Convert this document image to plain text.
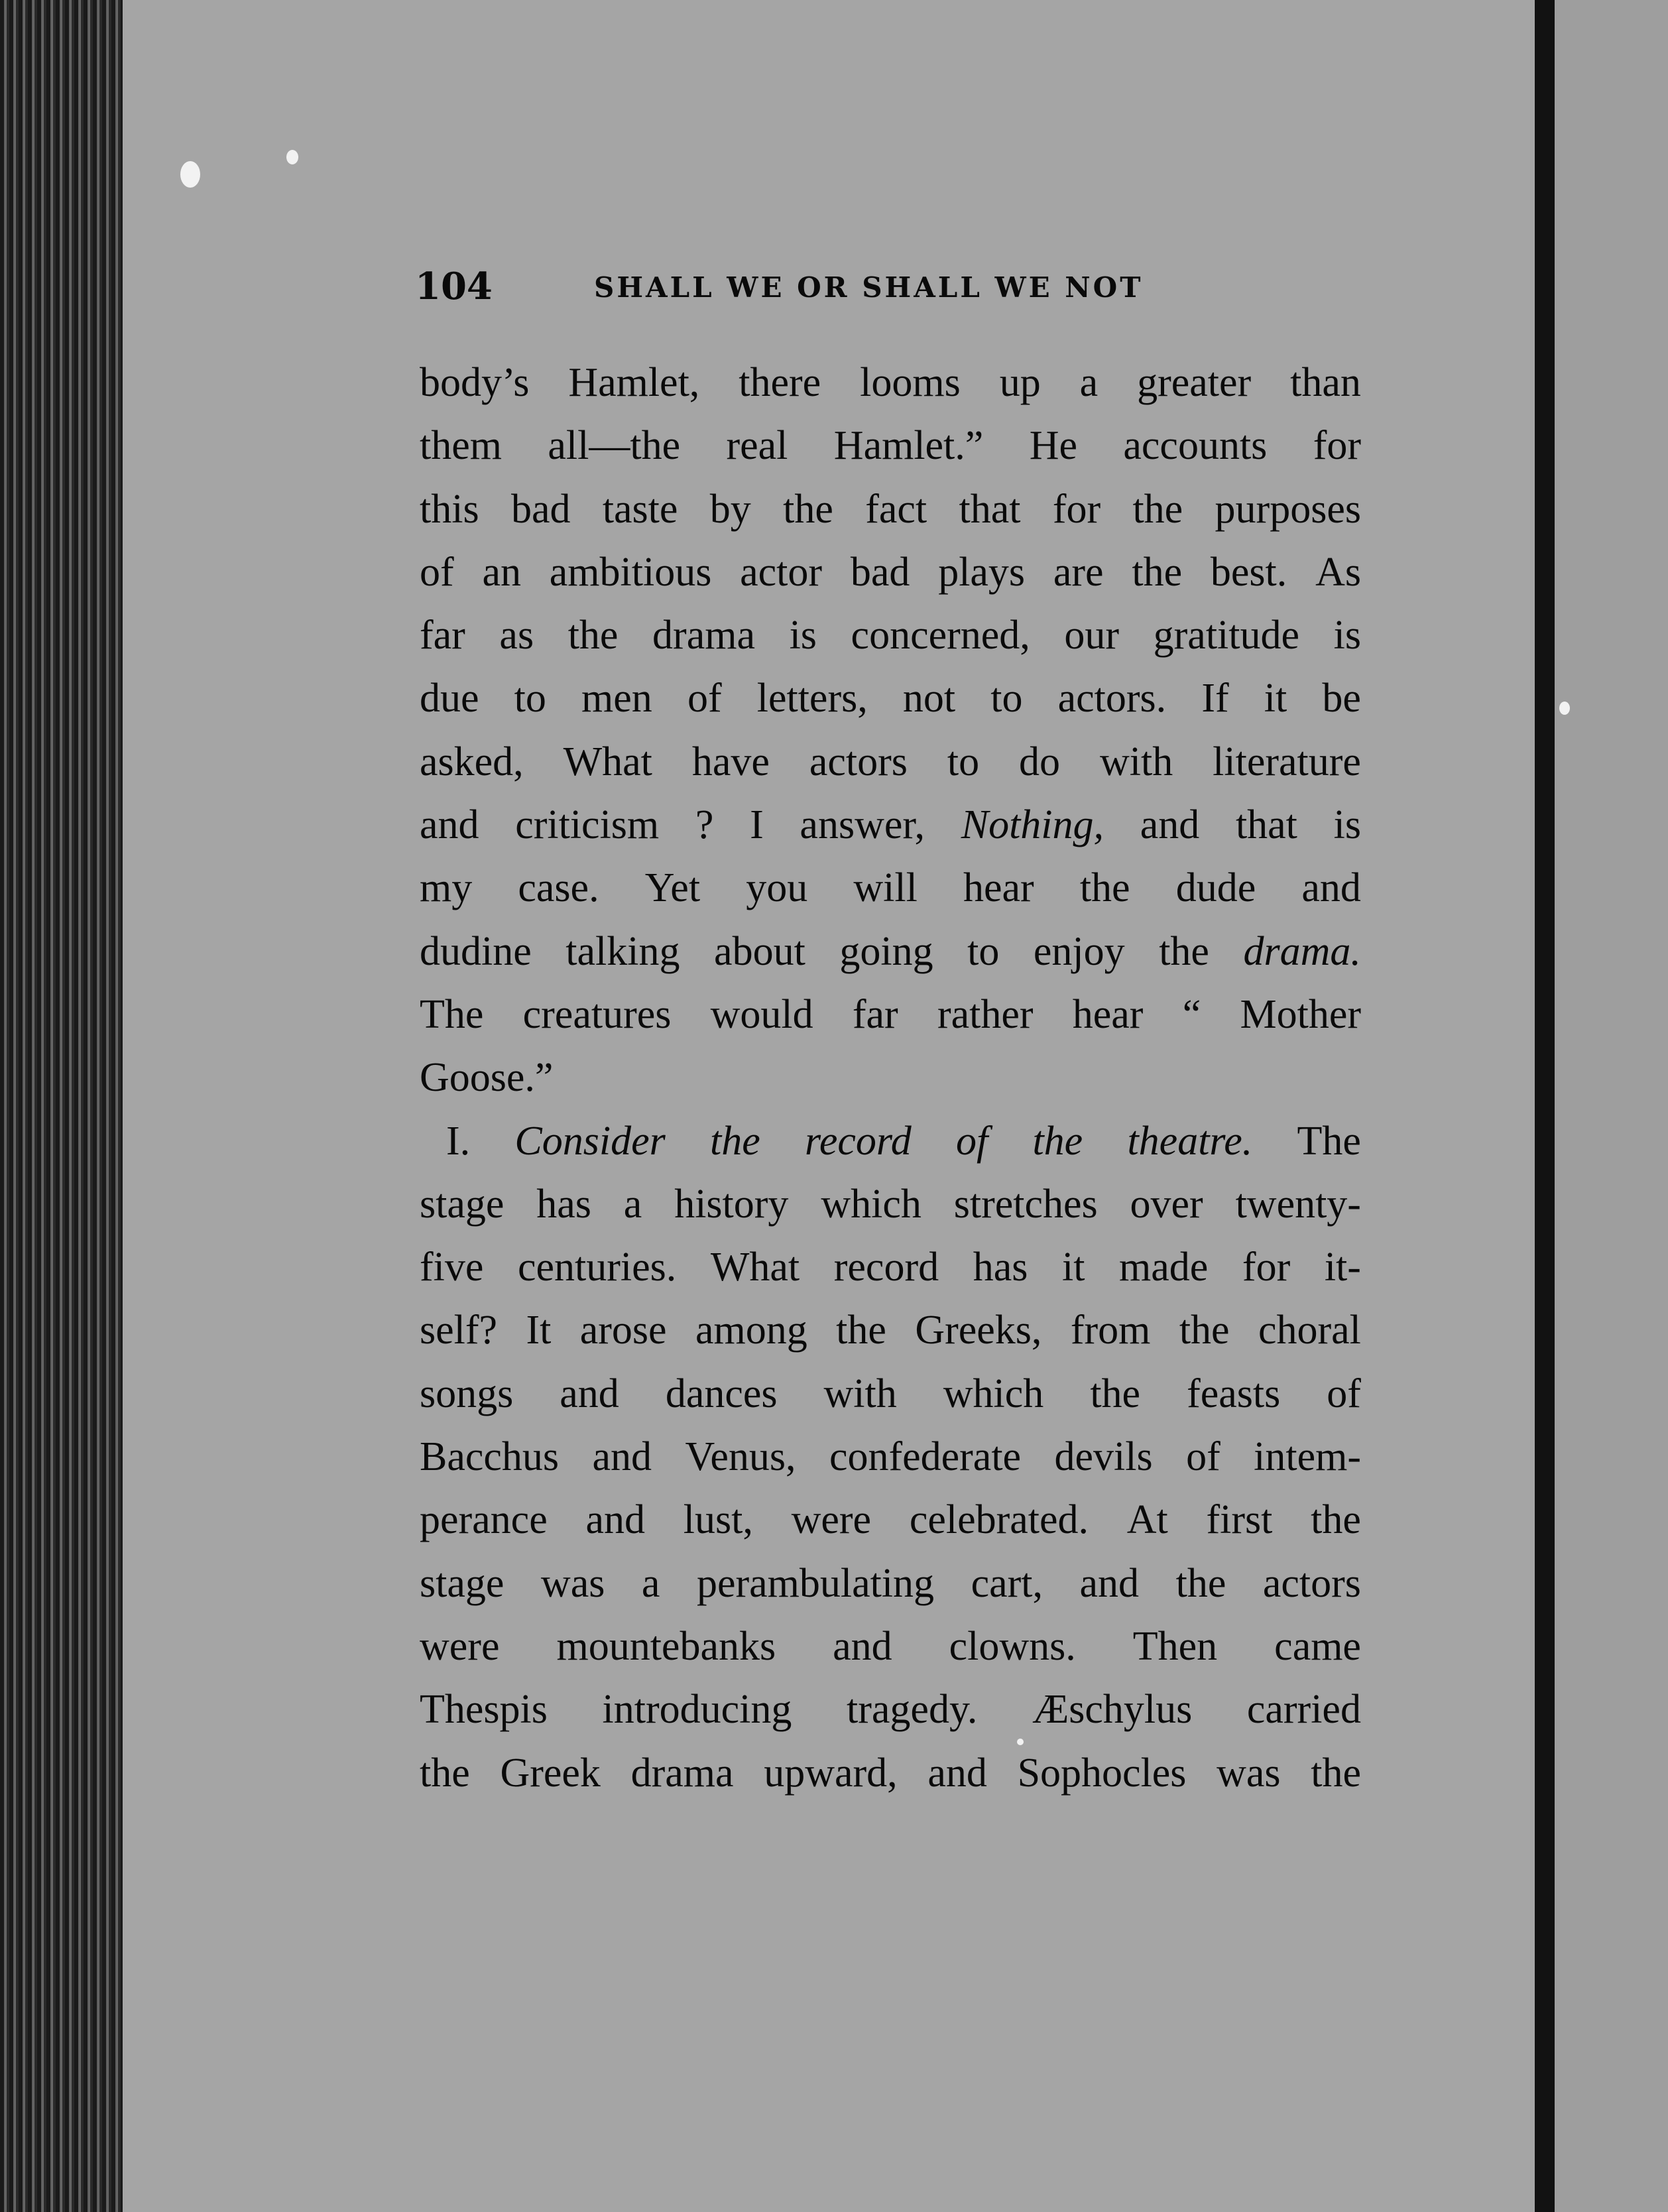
104	SHALL WE OR SHALL WE NOT
body’s Hamlet, there looms up a greater than
them all—the real Hamlet.” He accounts for
this bad taste by the fact that for the purposes
of an ambitious actor bad plays are the best. As
far as the drama is concerned, our gratitude is
due to men of letters, not to actors. If it be
asked, What have actors to do with literature
and criticism ? I answer, Nothing, and that is
my case. Yet you will hear the dude and
dudine talking about going to enjoy the drama.
The creatures would far rather hear “ Mother
Goose.”
I. Consider the record of the theatre. The
stage has a history which stretches over twenty-
five centuries. What record has it made for it-
self? It arose among the Greeks, from the choral
songs and dances with which the feasts of
Bacchus and Venus, confederate devils of intem-
perance and lust, were celebrated. At first the
stage was a perambulating cart, and the actors
were mountebanks and clowns. Then came
Thespis introducing tragedy. Æschylus carried
the Greek drama upward, and Sophocles was the
